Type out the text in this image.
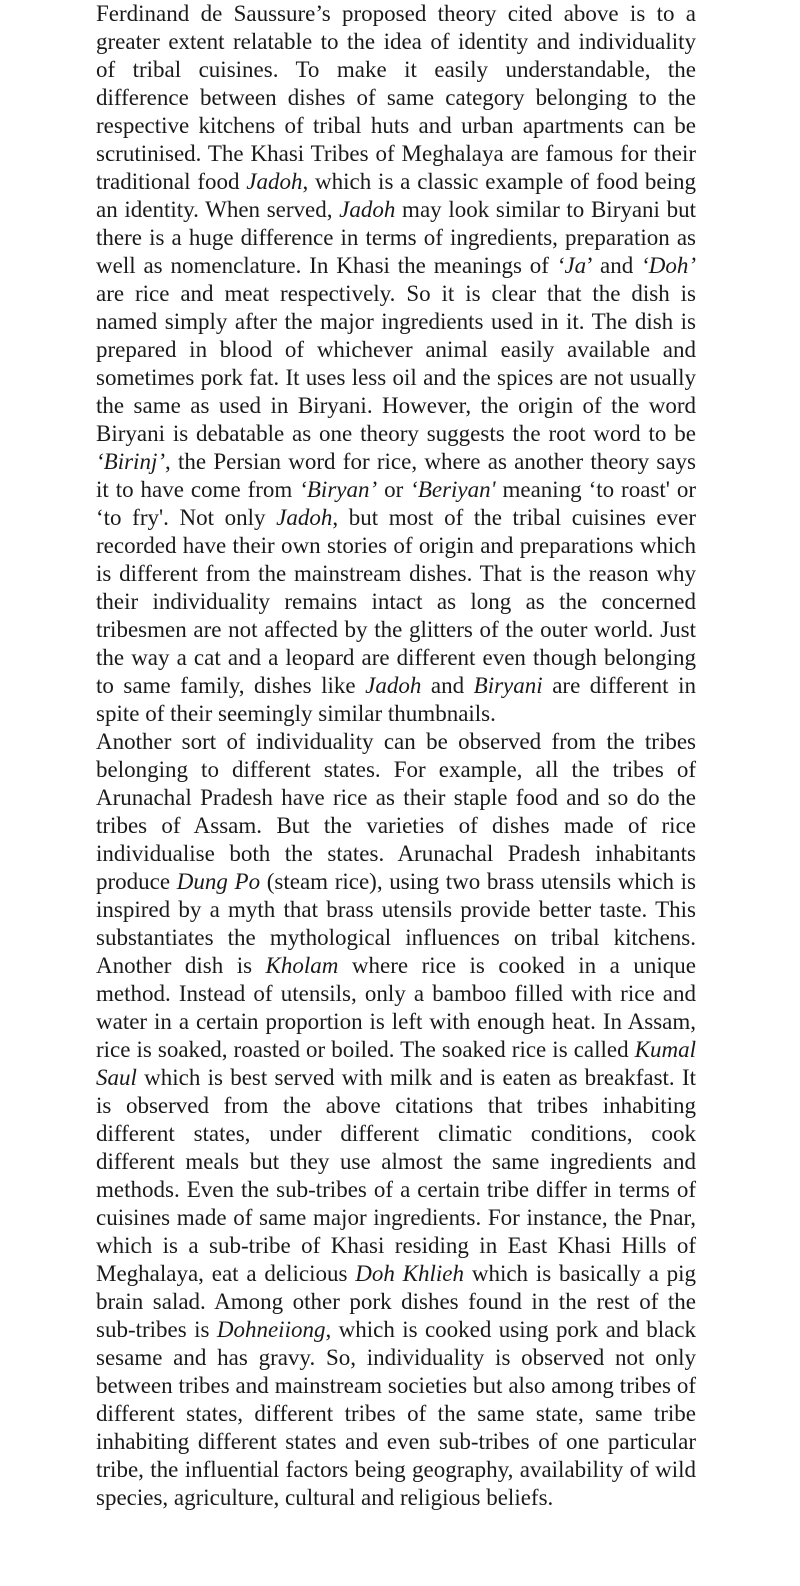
Ferdinand de Saussure’s proposed theory cited above is to a greater extent relatable to the idea of identity and individuality of tribal cuisines. To make it easily understandable, the difference between dishes of same category belonging to the respective kitchens of tribal huts and urban apartments can be scrutinised. The Khasi Tribes of Meghalaya are famous for their traditional food Jadoh, which is a classic example of food being an identity. When served, Jadoh may look similar to Biryani but there is a huge difference in terms of ingredients, preparation as well as nomenclature. In Khasi the meanings of ‘Ja’ and ‘Doh’ are rice and meat respectively. So it is clear that the dish is named simply after the major ingredients used in it. The dish is prepared in blood of whichever animal easily available and sometimes pork fat. It uses less oil and the spices are not usually the same as used in Biryani. However, the origin of the word Biryani is debatable as one theory suggests the root word to be ‘Birinj’, the Persian word for rice, where as another theory says it to have come from ‘Biryan’ or ‘Beriyan' meaning ‘to roast' or ‘to fry'. Not only Jadoh, but most of the tribal cuisines ever recorded have their own stories of origin and preparations which is different from the mainstream dishes. That is the reason why their individuality remains intact as long as the concerned tribesmen are not affected by the glitters of the outer world. Just the way a cat and a leopard are different even though belonging to same family, dishes like Jadoh and Biryani are different in spite of their seemingly similar thumbnails.

Another sort of individuality can be observed from the tribes belonging to different states. For example, all the tribes of Arunachal Pradesh have rice as their staple food and so do the tribes of Assam. But the varieties of dishes made of rice individualise both the states. Arunachal Pradesh inhabitants produce Dung Po (steam rice), using two brass utensils which is inspired by a myth that brass utensils provide better taste. This substantiates the mythological influences on tribal kitchens. Another dish is Kholam where rice is cooked in a unique method. Instead of utensils, only a bamboo filled with rice and water in a certain proportion is left with enough heat. In Assam, rice is soaked, roasted or boiled. The soaked rice is called Kumal Saul which is best served with milk and is eaten as breakfast. It is observed from the above citations that tribes inhabiting different states, under different climatic conditions, cook different meals but they use almost the same ingredients and methods. Even the sub-tribes of a certain tribe differ in terms of cuisines made of same major ingredients. For instance, the Pnar, which is a sub-tribe of Khasi residing in East Khasi Hills of Meghalaya, eat a delicious Doh Khlieh which is basically a pig brain salad. Among other pork dishes found in the rest of the sub-tribes is Dohneiiong, which is cooked using pork and black sesame and has gravy. So, individuality is observed not only between tribes and mainstream societies but also among tribes of different states, different tribes of the same state, same tribe inhabiting different states and even sub-tribes of one particular tribe, the influential factors being geography, availability of wild species, agriculture, cultural and religious beliefs.
